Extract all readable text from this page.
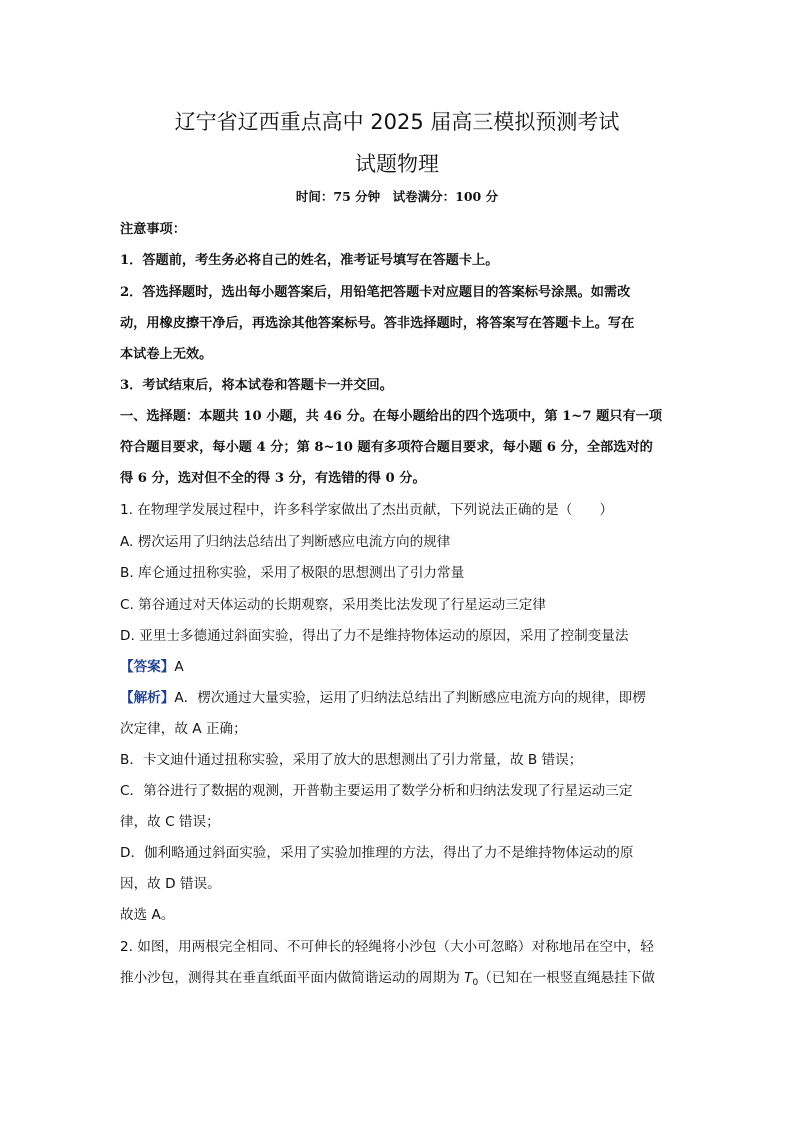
辽宁省辽西重点高中 2025 届高三模拟预测考试
试题物理
时间：75 分钟　试卷满分：100 分
注意事项：
1．答题前，考生务必将自己的姓名，准考证号填写在答题卡上。
2．答选择题时，选出每小题答案后，用铅笔把答题卡对应题目的答案标号涂黑。如需改
动，用橡皮擦干净后，再选涂其他答案标号。答非选择题时，将答案写在答题卡上。写在
本试卷上无效。
3．考试结束后，将本试卷和答题卡一并交回。
一、选择题：本题共 10 小题，共 46 分。在每小题给出的四个选项中，第 1~7 题只有一项
符合题目要求，每小题 4 分；第 8~10 题有多项符合题目要求，每小题 6 分，全部选对的
得 6 分，选对但不全的得 3 分，有选错的得 0 分。
1. 在物理学发展过程中，许多科学家做出了杰出贡献，下列说法正确的是（　　）
A. 楞次运用了归纳法总结出了判断感应电流方向的规律
B. 库仑通过扭称实验，采用了极限的思想测出了引力常量
C. 第谷通过对天体运动的长期观察，采用类比法发现了行星运动三定律
D. 亚里士多德通过斜面实验，得出了力不是维持物体运动的原因，采用了控制变量法
【答案】A
【解析】A．楞次通过大量实验，运用了归纳法总结出了判断感应电流方向的规律，即楞
次定律，故 A 正确；
B．卡文迪什通过扭称实验，采用了放大的思想测出了引力常量，故 B 错误；
C．第谷进行了数据的观测，开普勒主要运用了数学分析和归纳法发现了行星运动三定
律，故 C 错误；
D．伽利略通过斜面实验，采用了实验加推理的方法，得出了力不是维持物体运动的原
因，故 D 错误。
故选 A。
2. 如图，用两根完全相同、不可伸长的轻绳将小沙包（大小可忽略）对称地吊在空中，轻
推小沙包，测得其在垂直纸面平面内做简谐运动的周期为 $T_0$（已知在一根竖直绳悬挂下做
